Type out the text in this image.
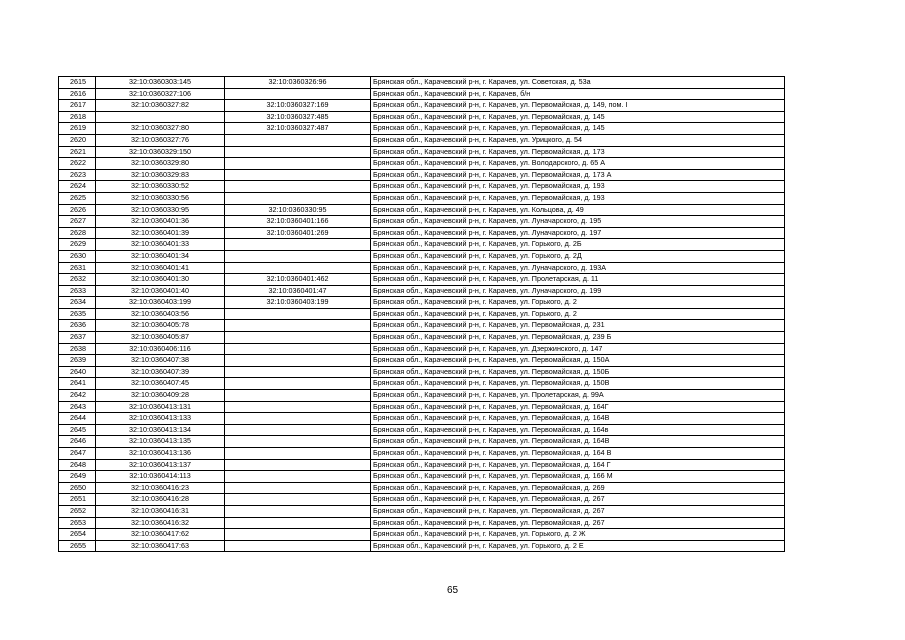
2615	32:10:0360303:145	32:10:0360326:96	Брянская обл., Карачевский р-н, г. Карачев, ул. Советская, д. 53а
2616	32:10:0360327:106		Брянская обл., Карачевский р-н, г. Карачев, б/н
2617	32:10:0360327:82	32:10:0360327:169	Брянская обл., Карачевский р-н, г. Карачев, ул. Первомайская, д. 149, пом. I
2618		32:10:0360327:485	Брянская обл., Карачевский р-н, г. Карачев, ул. Первомайская, д. 145
2619	32:10:0360327:80	32:10:0360327:487	Брянская обл., Карачевский р-н, г. Карачев, ул. Первомайская, д. 145
2620	32:10:0360327:76		Брянская обл., Карачевский р-н, г. Карачев, ул. Урицкого, д. 54
2621	32:10:0360329:150		Брянская обл., Карачевский р-н, г. Карачев, ул. Первомайская, д. 173
2622	32:10:0360329:80		Брянская обл., Карачевский р-н, г. Карачев, ул. Володарского, д. 65 А
2623	32:10:0360329:83		Брянская обл., Карачевский р-н, г. Карачев, ул. Первомайская, д. 173 А
2624	32:10:0360330:52		Брянская обл., Карачевский р-н, г. Карачев, ул. Первомайская, д. 193
2625	32:10:0360330:56		Брянская обл., Карачевский р-н, г. Карачев, ул. Первомайская, д. 193
2626	32:10:0360330:95	32:10:0360330:95	Брянская обл., Карачевский р-н, г. Карачев, ул. Кольцова, д. 49
2627	32:10:0360401:36	32:10:0360401:166	Брянская обл., Карачевский р-н, г. Карачев, ул. Луначарского, д. 195
2628	32:10:0360401:39	32:10:0360401:269	Брянская обл., Карачевский р-н, г. Карачев, ул. Луначарского, д. 197
2629	32:10:0360401:33		Брянская обл., Карачевский р-н, г. Карачев, ул. Горького, д. 2Б
2630	32:10:0360401:34		Брянская обл., Карачевский р-н, г. Карачев, ул. Горького, д. 2Д
2631	32:10:0360401:41		Брянская обл., Карачевский р-н, г. Карачев, ул. Луначарского, д. 193А
2632	32:10:0360401:30	32:10:0360401:462	Брянская обл., Карачевский р-н, г. Карачев, ул. Пролетарская, д. 11
2633	32:10:0360401:40	32:10:0360401:47	Брянская обл., Карачевский р-н, г. Карачев, ул. Луначарского, д. 199
2634	32:10:0360403:199	32:10:0360403:199	Брянская обл., Карачевский р-н, г. Карачев, ул. Горького, д. 2
2635	32:10:0360403:56		Брянская обл., Карачевский р-н, г. Карачев, ул. Горького, д. 2
2636	32:10:0360405:78		Брянская обл., Карачевский р-н, г. Карачев, ул. Первомайская, д. 231
2637	32:10:0360405:87		Брянская обл., Карачевский р-н, г. Карачев, ул. Первомайская, д. 239 Б
2638	32:10:0360406:116		Брянская обл., Карачевский р-н, г. Карачев, ул. Дзержинского, д. 147
2639	32:10:0360407:38		Брянская обл., Карачевский р-н, г. Карачев, ул. Первомайская, д. 150А
2640	32:10:0360407:39		Брянская обл., Карачевский р-н, г. Карачев, ул. Первомайская, д. 150Б
2641	32:10:0360407:45		Брянская обл., Карачевский р-н, г. Карачев, ул. Первомайская, д. 150В
2642	32:10:0360409:28		Брянская обл., Карачевский р-н, г. Карачев, ул. Пролетарская, д. 99А
2643	32:10:0360413:131		Брянская обл., Карачевский р-н, г. Карачев, ул. Первомайская, д. 164Г
2644	32:10:0360413:133		Брянская обл., Карачевский р-н, г. Карачев, ул. Первомайская, д. 164В
2645	32:10:0360413:134		Брянская обл., Карачевский р-н, г. Карачев, ул. Первомайская, д. 164в
2646	32:10:0360413:135		Брянская обл., Карачевский р-н, г. Карачев, ул. Первомайская, д. 164В
2647	32:10:0360413:136		Брянская обл., Карачевский р-н, г. Карачев, ул. Первомайская, д. 164 В
2648	32:10:0360413:137		Брянская обл., Карачевский р-н, г. Карачев, ул. Первомайская, д. 164 Г
2649	32:10:0360414:113		Брянская обл., Карачевский р-н, г. Карачев, ул. Первомайская, д. 166 М
2650	32:10:0360416:23		Брянская обл., Карачевский р-н, г. Карачев, ул. Первомайская, д. 269
2651	32:10:0360416:28		Брянская обл., Карачевский р-н, г. Карачев, ул. Первомайская, д. 267
2652	32:10:0360416:31		Брянская обл., Карачевский р-н, г. Карачев, ул. Первомайская, д. 267
2653	32:10:0360416:32		Брянская обл., Карачевский р-н, г. Карачев, ул. Первомайская, д. 267
2654	32:10:0360417:62		Брянская обл., Карачевский р-н, г. Карачев, ул. Горького, д. 2 Ж
2655	32:10:0360417:63		Брянская обл., Карачевский р-н, г. Карачев, ул. Горького, д. 2 Е
65
